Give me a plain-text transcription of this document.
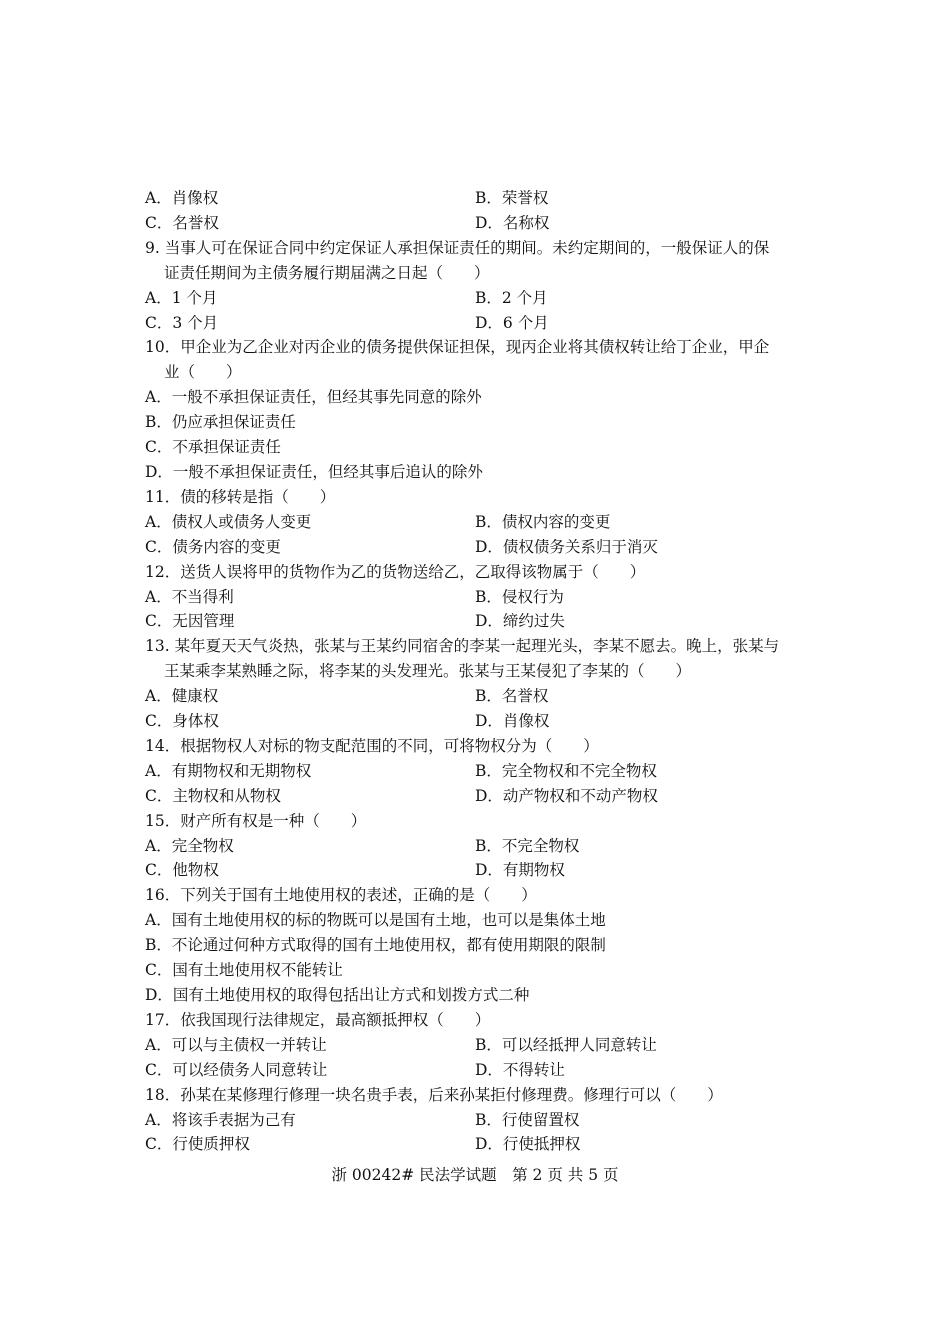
A．肖像权	B．荣誉权
C．名誉权	D．名称权
9. 当事人可在保证合同中约定保证人承担保证责任的期间。未约定期间的，一般保证人的保
证责任期间为主债务履行期届满之日起（　　）
A．1 个月	B．2 个月
C．3 个月	D．6 个月
10．甲企业为乙企业对丙企业的债务提供保证担保，现丙企业将其债权转让给丁企业，甲企
业（　　）
A．一般不承担保证责任，但经其事先同意的除外
B．仍应承担保证责任
C．不承担保证责任
D．一般不承担保证责任，但经其事后追认的除外
11．债的移转是指（　　）
A．债权人或债务人变更	B．债权内容的变更
C．债务内容的变更	D．债权债务关系归于消灭
12．送货人误将甲的货物作为乙的货物送给乙，乙取得该物属于（　　）
A．不当得利	B．侵权行为
C．无因管理	D．缔约过失
13. 某年夏天天气炎热，张某与王某约同宿舍的李某一起理光头，李某不愿去。晚上，张某与
王某乘李某熟睡之际，将李某的头发理光。张某与王某侵犯了李某的（　　）
A．健康权	B．名誉权
C．身体权	D．肖像权
14．根据物权人对标的物支配范围的不同，可将物权分为（　　）
A．有期物权和无期物权	B．完全物权和不完全物权
C．主物权和从物权	D．动产物权和不动产物权
15．财产所有权是一种（　　）
A．完全物权	B．不完全物权
C．他物权	D．有期物权
16．下列关于国有土地使用权的表述，正确的是（　　）
A．国有土地使用权的标的物既可以是国有土地，也可以是集体土地
B．不论通过何种方式取得的国有土地使用权，都有使用期限的限制
C．国有土地使用权不能转让
D．国有土地使用权的取得包括出让方式和划拨方式二种
17．依我国现行法律规定，最高额抵押权（　　）
A．可以与主债权一并转让	B．可以经抵押人同意转让
C．可以经债务人同意转让	D．不得转让
18．孙某在某修理行修理一块名贵手表，后来孙某拒付修理费。修理行可以（　　）
A．将该手表据为己有	B．行使留置权
C．行使质押权	D．行使抵押权
浙 00242# 民法学试题　第 2 页 共 5 页
